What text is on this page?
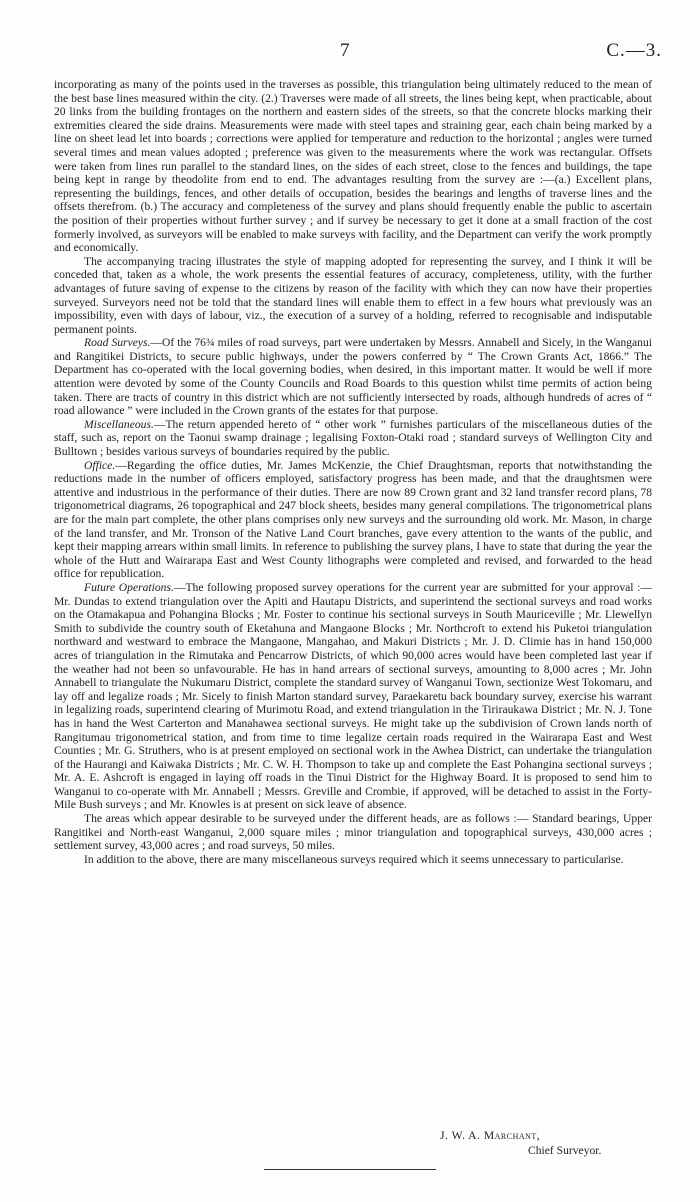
7	C.—3.

incorporating as many of the points used in the traverses as possible, this triangulation being ultimately reduced to the mean of the best base lines measured within the city. (2.) Traverses were made of all streets, the lines being kept, when practicable, about 20 links from the building frontages on the northern and eastern sides of the streets, so that the concrete blocks marking their extremities cleared the side drains. Measurements were made with steel tapes and straining gear, each chain being marked by a line on sheet lead let into boards ; corrections were applied for temperature and reduction to the horizontal ; angles were turned several times and mean values adopted ; preference was given to the measurements where the work was rectangular. Offsets were taken from lines run parallel to the standard lines, on the sides of each street, close to the fences and buildings, the tape being kept in range by theodolite from end to end. The advantages resulting from the survey are :—(a.) Excellent plans, representing the buildings, fences, and other details of occupation, besides the bearings and lengths of traverse lines and the offsets therefrom. (b.) The accuracy and completeness of the survey and plans should frequently enable the public to ascertain the position of their properties without further survey ; and if survey be necessary to get it done at a small fraction of the cost formerly involved, as surveyors will be enabled to make surveys with facility, and the Department can verify the work promptly and economically.

The accompanying tracing illustrates the style of mapping adopted for representing the survey, and I think it will be conceded that, taken as a whole, the work presents the essential features of accuracy, completeness, utility, with the further advantages of future saving of expense to the citizens by reason of the facility with which they can now have their properties surveyed. Surveyors need not be told that the standard lines will enable them to effect in a few hours what previously was an impossibility, even with days of labour, viz., the execution of a survey of a holding, referred to recognisable and indisputable permanent points.

Road Surveys.—Of the 76¾ miles of road surveys, part were undertaken by Messrs. Annabell and Sicely, in the Wanganui and Rangitikei Districts, to secure public highways, under the powers conferred by “ The Crown Grants Act, 1866.” The Department has co-operated with the local governing bodies, when desired, in this important matter. It would be well if more attention were devoted by some of the County Councils and Road Boards to this question whilst time permits of action being taken. There are tracts of country in this district which are not sufficiently intersected by roads, although hundreds of acres of “ road allowance ” were included in the Crown grants of the estates for that purpose.

Miscellaneous.—The return appended hereto of “ other work ” furnishes particulars of the miscellaneous duties of the staff, such as, report on the Taonui swamp drainage ; legalising Foxton-Otaki road ; standard surveys of Wellington City and Bulltown ; besides various surveys of boundaries required by the public.

Office.—Regarding the office duties, Mr. James McKenzie, the Chief Draughtsman, reports that notwithstanding the reductions made in the number of officers employed, satisfactory progress has been made, and that the draughtsmen were attentive and industrious in the performance of their duties. There are now 89 Crown grant and 32 land transfer record plans, 78 trigonometrical diagrams, 26 topographical and 247 block sheets, besides many general compilations. The trigonometrical plans are for the main part complete, the other plans comprises only new surveys and the surrounding old work. Mr. Mason, in charge of the land transfer, and Mr. Tronson of the Native Land Court branches, gave every attention to the wants of the public, and kept their mapping arrears within small limits. In reference to publishing the survey plans, I have to state that during the year the whole of the Hutt and Wairarapa East and West County lithographs were completed and revised, and forwarded to the head office for republication.

Future Operations.—The following proposed survey operations for the current year are submitted for your approval :—Mr. Dundas to extend triangulation over the Apiti and Hautapu Districts, and superintend the sectional surveys and road works on the Otamakapua and Pohangina Blocks ; Mr. Foster to continue his sectional surveys in South Mauriceville ; Mr. Llewellyn Smith to subdivide the country south of Eketahuna and Mangaone Blocks ; Mr. Northcroft to extend his Puketoi triangulation northward and westward to embrace the Mangaone, Mangahao, and Makuri Districts ; Mr. J. D. Climie has in hand 150,000 acres of triangulation in the Rimutaka and Pencarrow Districts, of which 90,000 acres would have been completed last year if the weather had not been so unfavourable. He has in hand arrears of sectional surveys, amounting to 8,000 acres ; Mr. John Annabell to triangulate the Nukumaru District, complete the standard survey of Wanganui Town, sectionize West Tokomaru, and lay off and legalize roads ; Mr. Sicely to finish Marton standard survey, Paraekaretu back boundary survey, exercise his warrant in legalizing roads, superintend clearing of Murimotu Road, and extend triangulation in the Tiriraukawa District ; Mr. N. J. Tone has in hand the West Carterton and Manahawea sectional surveys. He might take up the subdivision of Crown lands north of Rangitumau trigonometrical station, and from time to time legalize certain roads required in the Wairarapa East and West Counties ; Mr. G. Struthers, who is at present employed on sectional work in the Awhea District, can undertake the triangulation of the Haurangi and Kaiwaka Districts ; Mr. C. W. H. Thompson to take up and complete the East Pohangina sectional surveys ; Mr. A. E. Ashcroft is engaged in laying off roads in the Tinui District for the Highway Board. It is proposed to send him to Wanganui to co-operate with Mr. Annabell ; Messrs. Greville and Crombie, if approved, will be detached to assist in the Forty-Mile Bush surveys ; and Mr. Knowles is at present on sick leave of absence.

The areas which appear desirable to be surveyed under the different heads, are as follows :— Standard bearings, Upper Rangitikei and North-east Wanganui, 2,000 square miles ; minor triangulation and topographical surveys, 430,000 acres ; settlement survey, 43,000 acres ; and road surveys, 50 miles.

In addition to the above, there are many miscellaneous surveys required which it seems unnecessary to particularise.

J. W. A. Marchant,
Chief Surveyor.
